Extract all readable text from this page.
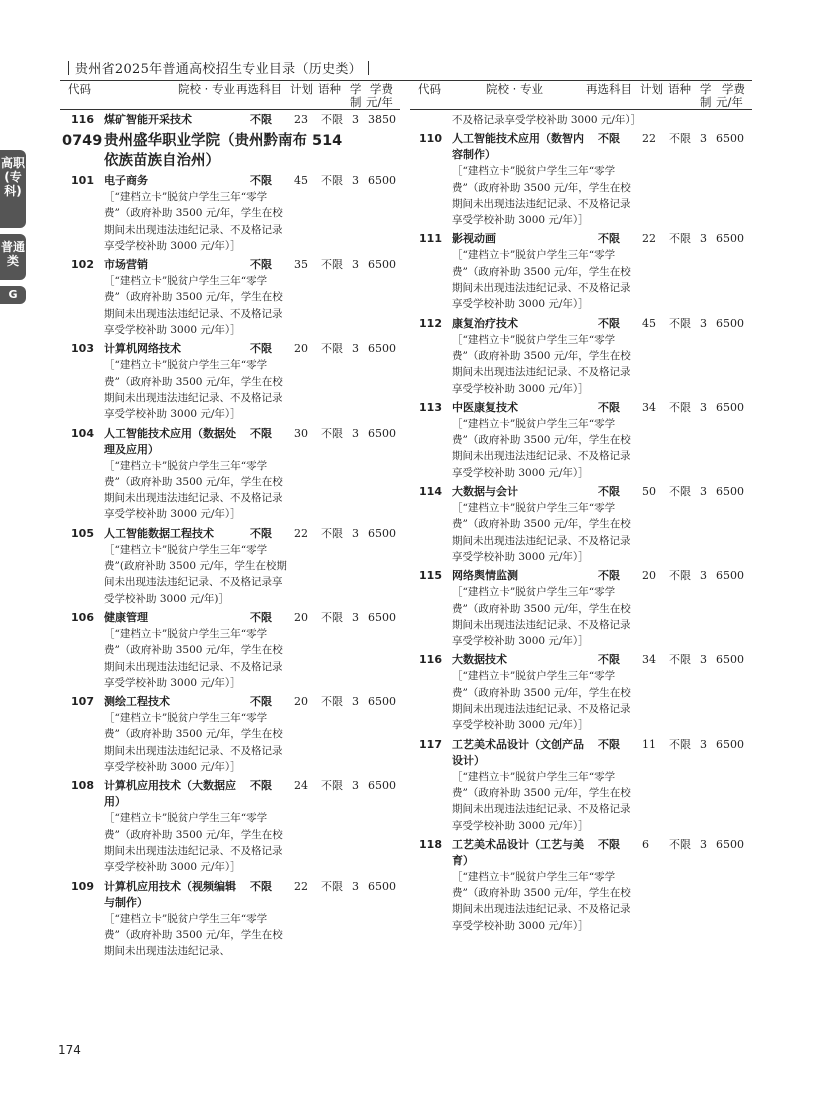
贵州省2025年普通高校招生专业目录（历史类）
代码	院校 · 专业 再选科目 计划 语种 学
制
学费
元/年
代码	院校 · 专业	再选科目 计划 语种 学
制
学费
元/年
高职(专科)
普通类
G
116 煤矿智能开采技术	不限	23	不限 3 3850
0749 贵州盛华职业学院（贵州黔南布依族苗族自治州）
514
101 电子商务	不限	45	不限 3 6500
［“建档立卡”脱贫户学生三年“零学费”（政府补助 3500 元/年，学生在校期间未出现违法违纪记录、不及格记录享受学校补助 3000 元/年）］
102 市场营销	不限	35	不限 3 6500
［“建档立卡”脱贫户学生三年“零学费”（政府补助 3500 元/年，学生在校期间未出现违法违纪记录、不及格记录享受学校补助 3000 元/年）］
103 计算机网络技术	不限	20	不限 3 6500
［“建档立卡”脱贫户学生三年“零学费”（政府补助 3500 元/年，学生在校期间未出现违法违纪记录、不及格记录享受学校补助 3000 元/年）］
104 人工智能技术应用（数据处理及应用）
不限	30	不限 3 6500
［“建档立卡”脱贫户学生三年“零学费”（政府补助 3500 元/年，学生在校期间未出现违法违纪记录、不及格记录享受学校补助 3000 元/年）］
105 人工智能数据工程技术	不限	22	不限 3 6500
［“建档立卡”脱贫户学生三年“零学费”(政府补助 3500 元/年，学生在校期间未出现违法违纪记录、不及格记录享受学校补助 3000 元/年)］
106 健康管理	不限	20	不限 3 6500
［“建档立卡”脱贫户学生三年“零学费”（政府补助 3500 元/年，学生在校期间未出现违法违纪记录、不及格记录享受学校补助 3000 元/年）］
107 测绘工程技术	不限	20	不限 3 6500
［“建档立卡”脱贫户学生三年“零学费”（政府补助 3500 元/年，学生在校期间未出现违法违纪记录、不及格记录享受学校补助 3000 元/年）］
108 计算机应用技术（大数据应用）
不限	24	不限 3 6500
［“建档立卡”脱贫户学生三年“零学费”（政府补助 3500 元/年，学生在校期间未出现违法违纪记录、不及格记录享受学校补助 3000 元/年）］
109 计算机应用技术（视频编辑与制作）
不限	22	不限 3 6500
［“建档立卡”脱贫户学生三年“零学费”（政府补助 3500 元/年，学生在校期间未出现违法违纪记录、
不及格记录享受学校补助 3000 元/年）］
110 人工智能技术应用（数智内容制作）
不限	22	不限 3 6500
［“建档立卡”脱贫户学生三年“零学费”（政府补助 3500 元/年，学生在校期间未出现违法违纪记录、不及格记录享受学校补助 3000 元/年）］
111 影视动画	不限	22	不限 3 6500
［“建档立卡”脱贫户学生三年“零学费”（政府补助 3500 元/年，学生在校期间未出现违法违纪记录、不及格记录享受学校补助 3000 元/年）］
112 康复治疗技术	不限	45	不限 3 6500
［“建档立卡”脱贫户学生三年“零学费”（政府补助 3500 元/年，学生在校期间未出现违法违纪记录、不及格记录享受学校补助 3000 元/年）］
113 中医康复技术	不限	34	不限 3 6500
［“建档立卡”脱贫户学生三年“零学费”（政府补助 3500 元/年，学生在校期间未出现违法违纪记录、不及格记录享受学校补助 3000 元/年）］
114 大数据与会计	不限	50	不限 3 6500
［“建档立卡”脱贫户学生三年“零学费”（政府补助 3500 元/年，学生在校期间未出现违法违纪记录、不及格记录享受学校补助 3000 元/年）］
115 网络舆情监测	不限	20	不限 3 6500
［“建档立卡”脱贫户学生三年“零学费”（政府补助 3500 元/年，学生在校期间未出现违法违纪记录、不及格记录享受学校补助 3000 元/年）］
116 大数据技术	不限	34	不限 3 6500
［“建档立卡”脱贫户学生三年“零学费”（政府补助 3500 元/年，学生在校期间未出现违法违纪记录、不及格记录享受学校补助 3000 元/年）］
117 工艺美术品设计（文创产品设计）
不限	11	不限 3 6500
［“建档立卡”脱贫户学生三年“零学费”（政府补助 3500 元/年，学生在校期间未出现违法违纪记录、不及格记录享受学校补助 3000 元/年）］
118 工艺美术品设计（工艺与美育）
不限	6	不限 3 6500
［“建档立卡”脱贫户学生三年“零学费”（政府补助 3500 元/年，学生在校期间未出现违法违纪记录、不及格记录享受学校补助 3000 元/年）］
174
